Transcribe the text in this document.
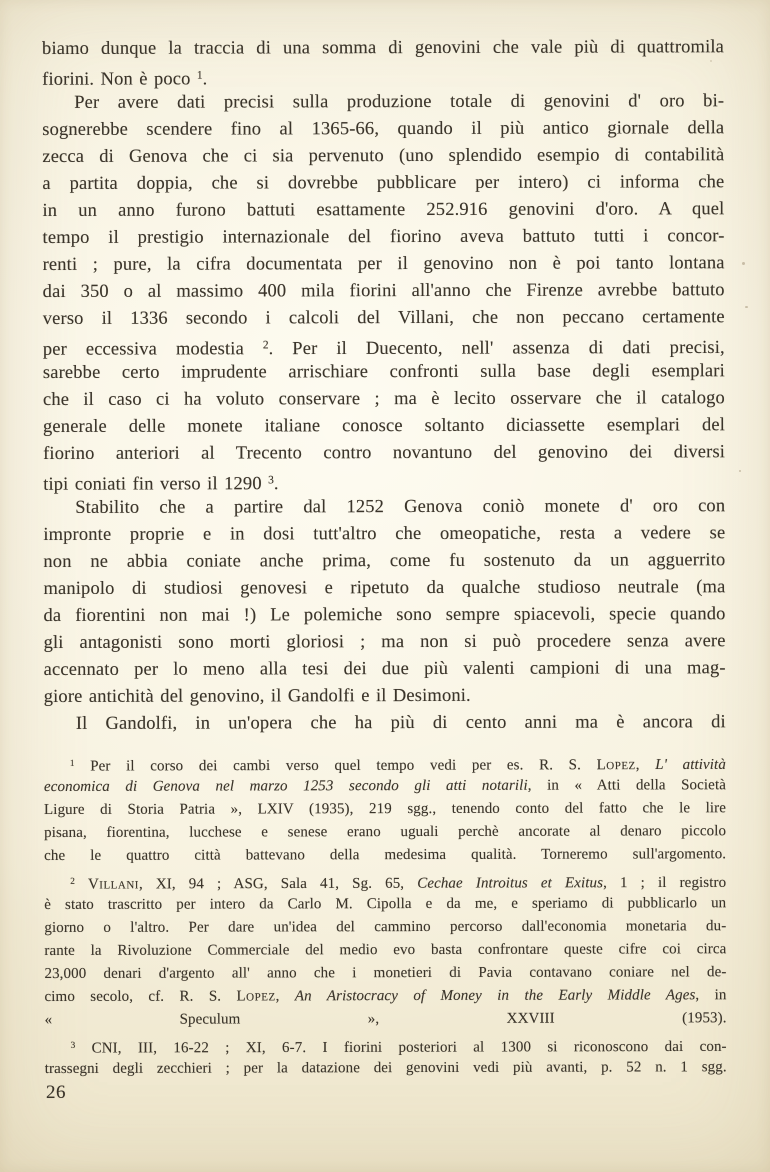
biamo dunque la traccia di una somma di genovini che vale più di quattromila
fiorini. Non è poco $^1$.
Per avere dati precisi sulla produzione totale di genovini d' oro bi-
sognerebbe scendere fino al 1365-66, quando il più antico giornale della
zecca di Genova che ci sia pervenuto (uno splendido esempio di contabilità
a partita doppia, che si dovrebbe pubblicare per intero) ci informa che
in un anno furono battuti esattamente 252.916 genovini d'oro. A quel
tempo il prestigio internazionale del fiorino aveva battuto tutti i concor-
renti ; pure, la cifra documentata per il genovino non è poi tanto lontana
dai 350 o al massimo 400 mila fiorini all'anno che Firenze avrebbe battuto
verso il 1336 secondo i calcoli del Villani, che non peccano certamente
per eccessiva modestia $^2$. Per il Duecento, nell' assenza di dati precisi,
sarebbe certo imprudente arrischiare confronti sulla base degli esemplari
che il caso ci ha voluto conservare ; ma è lecito osservare che il catalogo
generale delle monete italiane conosce soltanto diciassette esemplari del
fiorino anteriori al Trecento contro novantuno del genovino dei diversi
tipi coniati fin verso il 1290 $^3$.
Stabilito che a partire dal 1252 Genova coniò monete d' oro con
impronte proprie e in dosi tutt'altro che omeopatiche, resta a vedere se
non ne abbia coniate anche prima, come fu sostenuto da un agguerrito
manipolo di studiosi genovesi e ripetuto da qualche studioso neutrale (ma
da fiorentini non mai !) Le polemiche sono sempre spiacevoli, specie quando
gli antagonisti sono morti gloriosi ; ma non si può procedere senza avere
accennato per lo meno alla tesi dei due più valenti campioni di una mag-
giore antichità del genovino, il Gandolfi e il Desimoni.
Il Gandolfi, in un'opera che ha più di cento anni ma è ancora di
$^1$ Per il corso dei cambi verso quel tempo vedi per es. R. S. Lopez, L' attività
economica di Genova nel marzo 1253 secondo gli atti notarili, in « Atti della Società
Ligure di Storia Patria », LXIV (1935), 219 sgg., tenendo conto del fatto che le lire
pisana, fiorentina, lucchese e senese erano uguali perchè ancorate al denaro piccolo
che le quattro città battevano della medesima qualità. Torneremo sull'argomento.
$^2$ Villani, XI, 94 ; ASG, Sala 41, Sg. 65, Cechae Introitus et Exitus, 1 ; il registro
è stato trascritto per intero da Carlo M. Cipolla e da me, e speriamo di pubblicarlo un
giorno o l'altro. Per dare un'idea del cammino percorso dall'economia monetaria du-
rante la Rivoluzione Commerciale del medio evo basta confrontare queste cifre coi circa
23,000 denari d'argento all' anno che i monetieri di Pavia contavano coniare nel de-
cimo secolo, cf. R. S. Lopez, An Aristocracy of Money in the Early Middle Ages, in
« Speculum », XXVIII (1953).
$^3$ CNI, III, 16-22 ; XI, 6-7. I fiorini posteriori al 1300 si riconoscono dai con-
trassegni degli zecchieri ; per la datazione dei genovini vedi più avanti, p. 52 n. 1 sgg.
26
